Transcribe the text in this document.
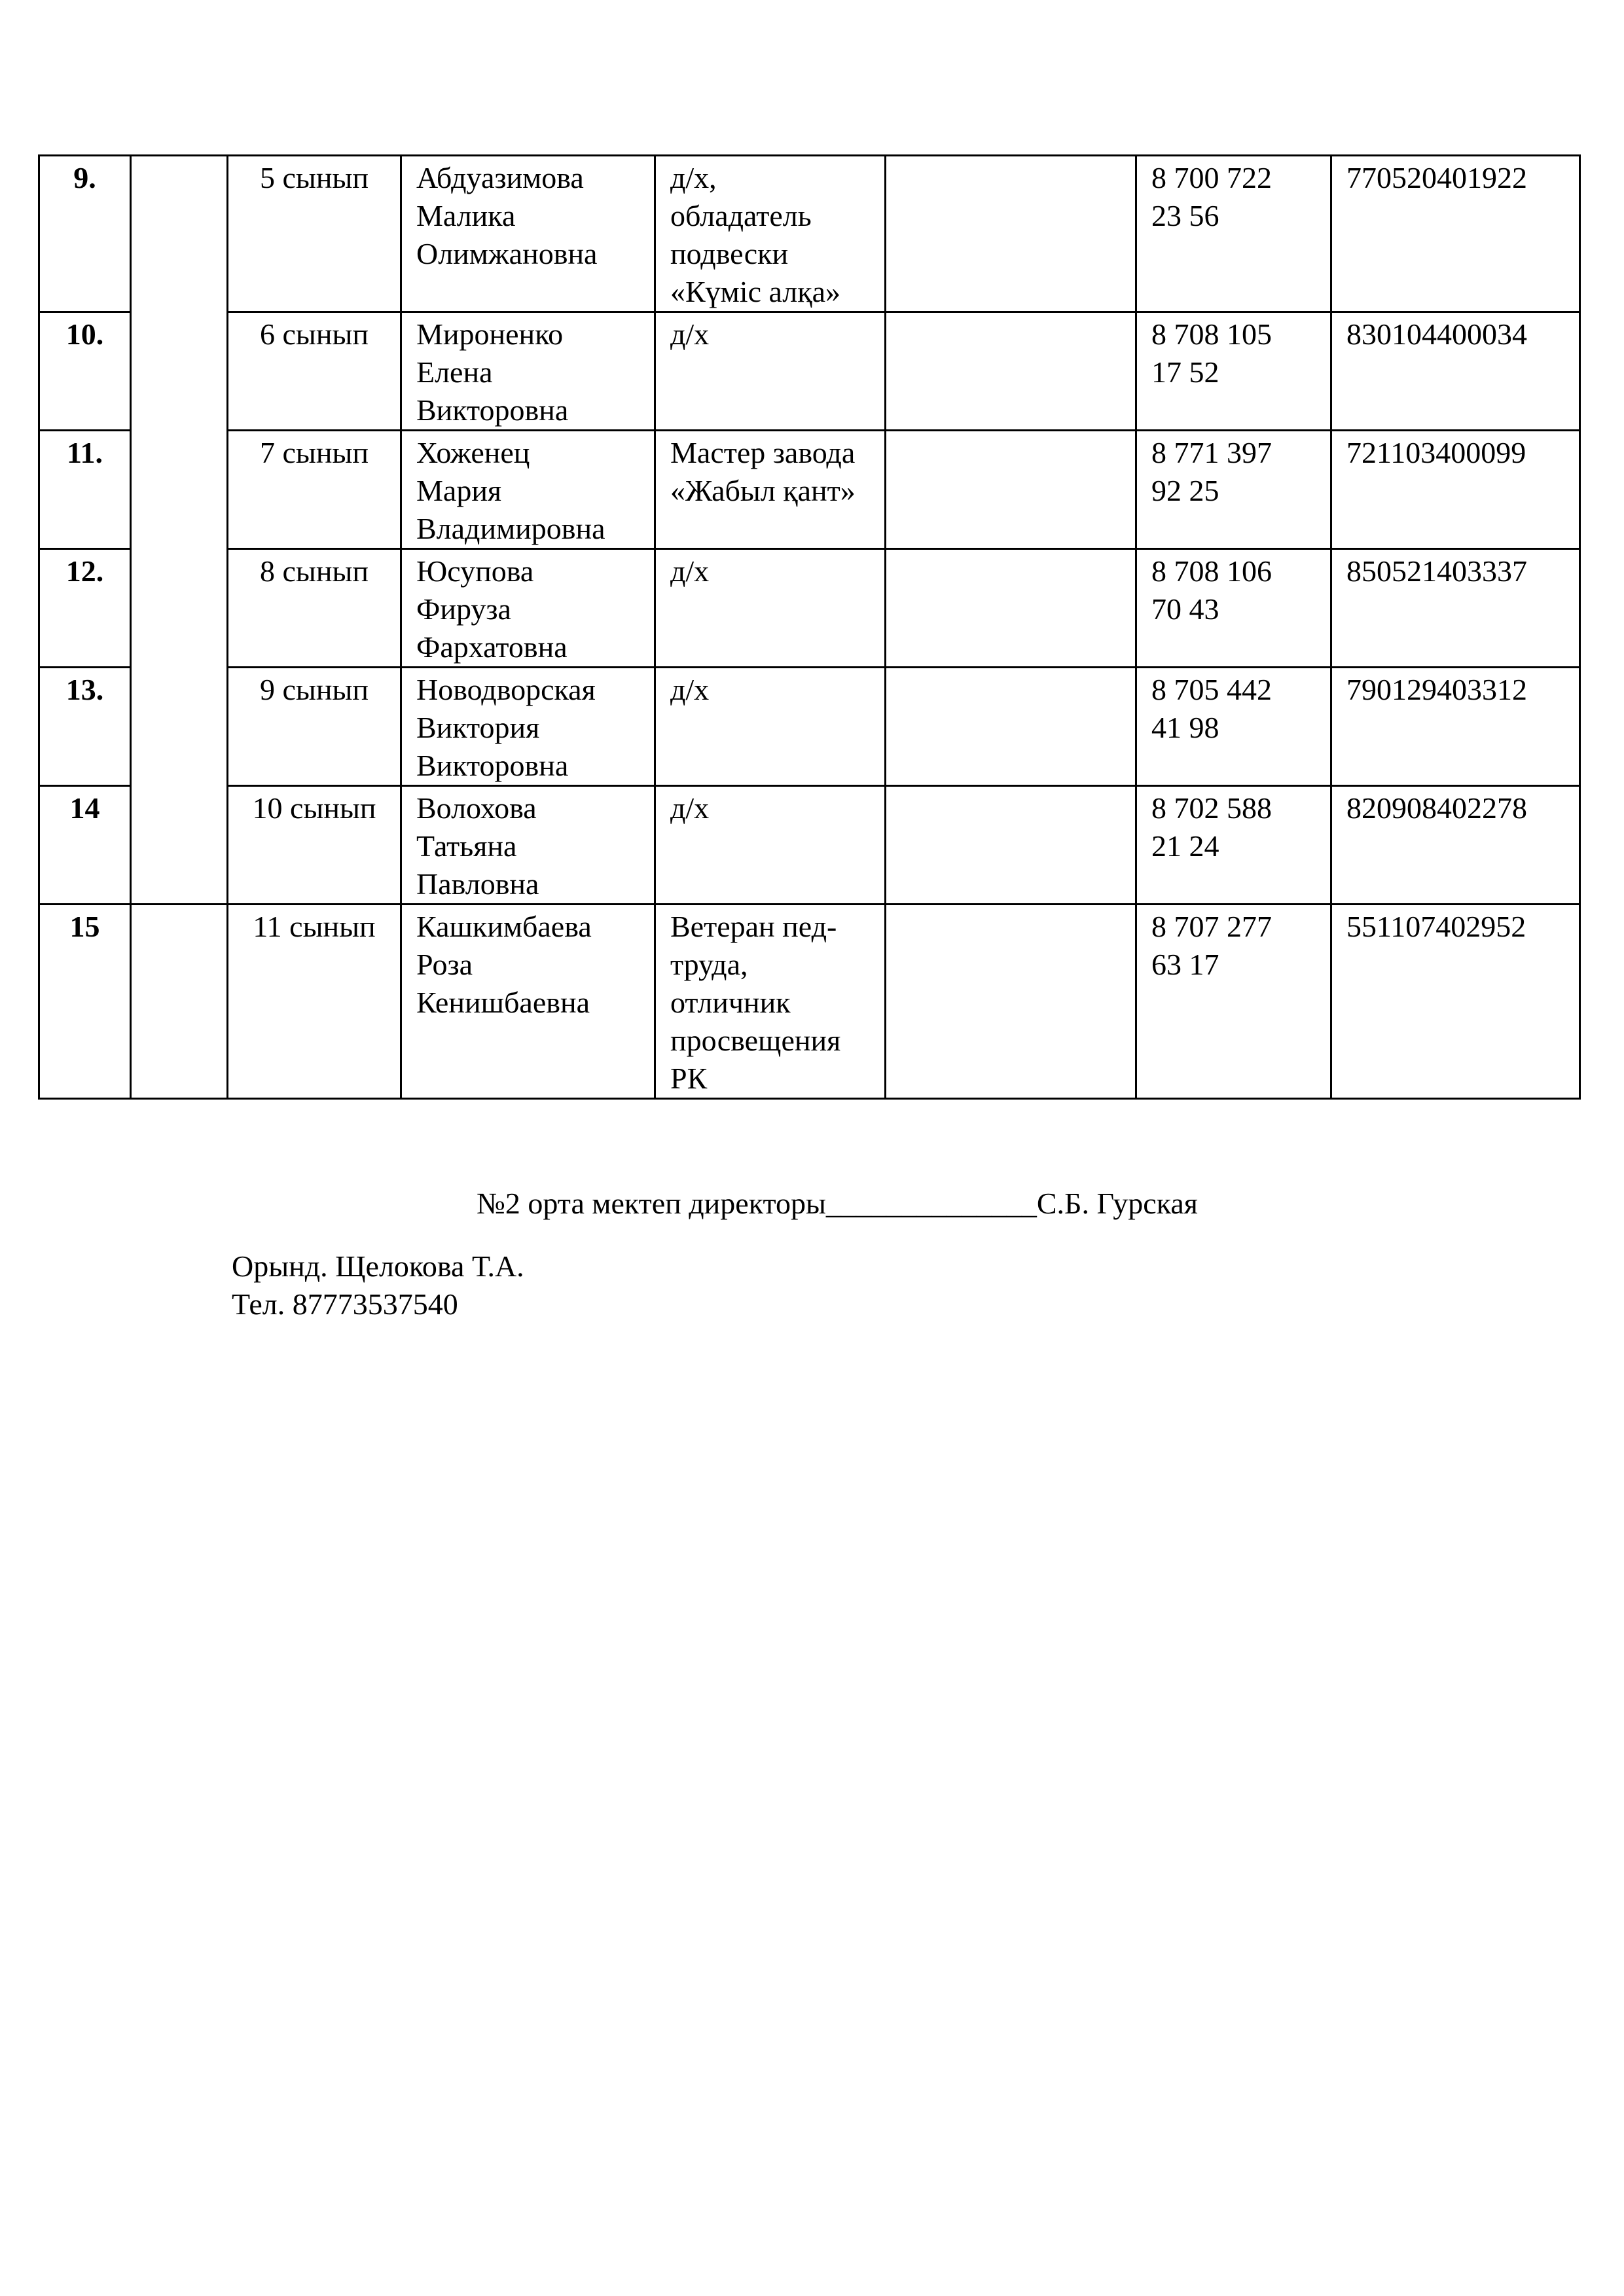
9.		5 сынып	Абдуазимова
Малика
Олимжановна	д/х,
обладатель
подвески
«Күміс алқа»		8 700 722
23 56	770520401922
10.		6 сынып	Мироненко
Елена
Викторовна	д/х		8 708 105
17 52	830104400034
11.		7 сынып	Хоженец
Мария
Владимировна	Мастер завода
«Жабыл қант»		8 771 397
92 25	721103400099
12.		8 сынып	Юсупова
Фируза
Фархатовна	д/х		8 708 106
70 43	850521403337
13.		9 сынып	Новодворская
Виктория
Викторовна	д/х		8 705 442
41 98	790129403312
14		10 сынып	Волохова
Татьяна
Павловна	д/х		8 702 588
21 24	820908402278
15		11 сынып	Кашкимбаева
Роза
Кенишбаевна	Ветеран пед-
труда,
отличник
просвещения
РК		8 707 277
63 17	551107402952
№2 орта мектеп директоры______________С.Б. Гурская
Орынд. Щелокова Т.А.
Тел. 87773537540
